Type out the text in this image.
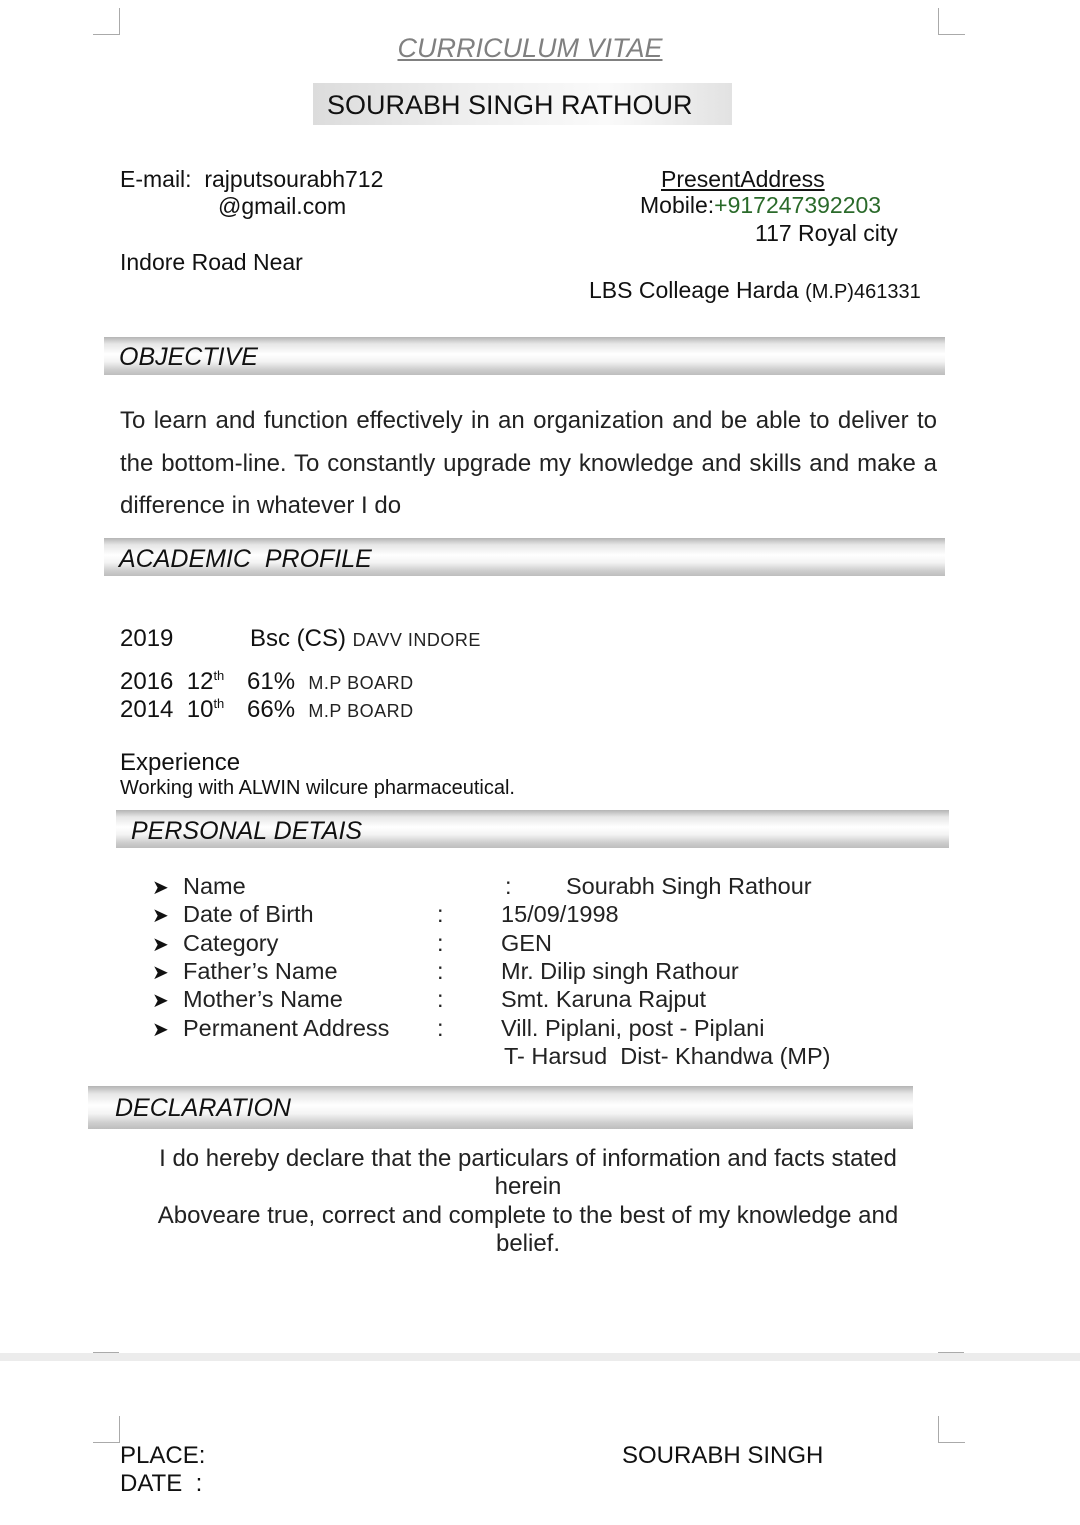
CURRICULUM VITAE
SOURABH SINGH RATHOUR
E-mail: rajputsourabh712
@gmail.com
Indore Road Near
PresentAddress
Mobile:+917247392203
117 Royal city
LBS Colleage Harda (M.P)461331
OBJECTIVE
To learn and function effectively in an organization and be able to deliver to the bottom-line. To constantly upgrade my knowledge and skills and make a difference in whatever I do
ACADEMIC  PROFILE
2019	Bsc (CS) DAVV INDORE
2016 12th 61% M.P BOARD
2014 10th 66% M.P BOARD
Experience
Working with ALWIN wilcure pharmaceutical.
PERSONAL DETAIS
➤ Name	: Sourabh Singh Rathour
➤ Date of Birth	: 15/09/1998
➤ Category	: GEN
➤ Father’s Name	: Mr. Dilip singh Rathour
➤ Mother’s Name	: Smt. Karuna Rajput
➤ Permanent Address : Vill. Piplani, post - Piplani
T- Harsud  Dist- Khandwa (MP)
DECLARATION
I do hereby declare that the particulars of information and facts stated
herein
Aboveare true, correct and complete to the best of my knowledge and
belief.
PLACE:
DATE  :
SOURABH SINGH
